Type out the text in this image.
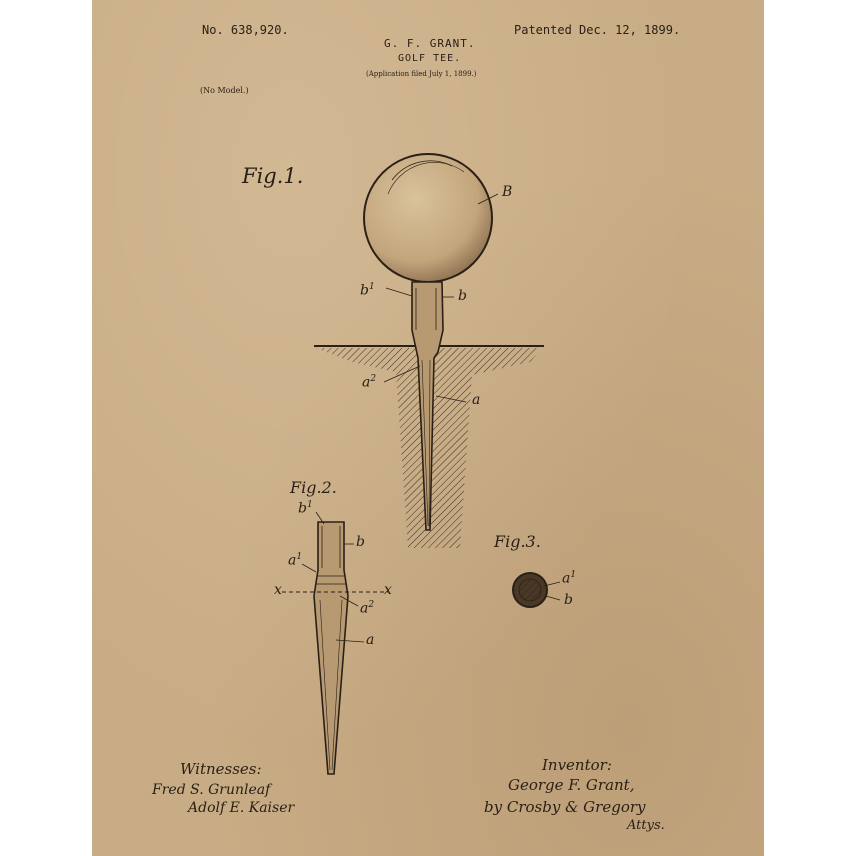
No. 638,920.
G. F. GRANT.
GOLF TEE.
(Application filed July 1, 1899.)
Patented Dec. 12, 1899.
(No Model.)
Fig.1.
Fig.2.
Fig.3.
B
$b^1$
b
$a^2$
a
$b^1$
b
$a^1$
x	x
$a^2$
a
$a^1$
b
Witnesses:
Fred S. Grunleaf
Adolf E. Kaiser
Inventor:
George F. Grant,
by Crosby & Gregory
Attys.
